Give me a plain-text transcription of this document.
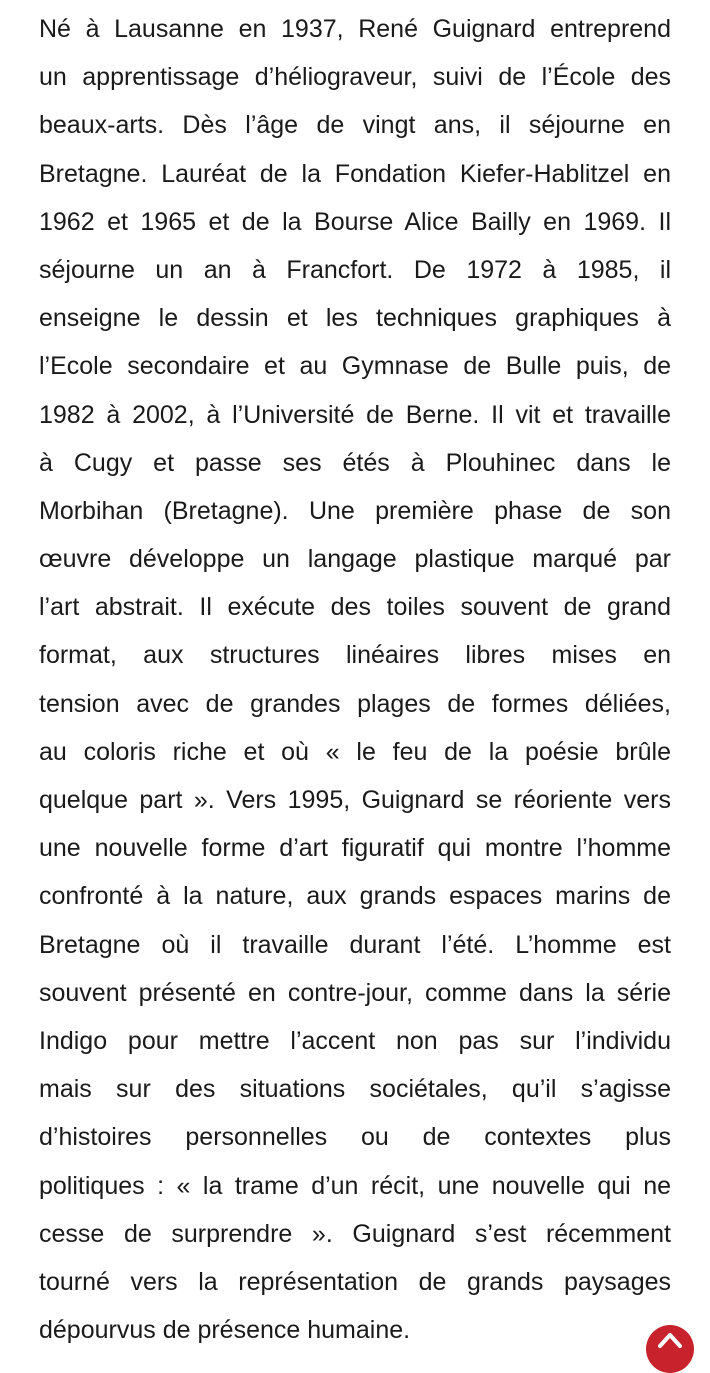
Né à Lausanne en 1937, René Guignard entreprend
un apprentissage d’héliograveur, suivi de l’École des
beaux-arts. Dès l’âge de vingt ans, il séjourne en
Bretagne. Lauréat de la Fondation Kiefer-Hablitzel en
1962 et 1965 et de la Bourse Alice Bailly en 1969. Il
séjourne un an à Francfort. De 1972 à 1985, il
enseigne le dessin et les techniques graphiques à
l’Ecole secondaire et au Gymnase de Bulle puis, de
1982 à 2002, à l’Université de Berne. Il vit et travaille
à Cugy et passe ses étés à Plouhinec dans le
Morbihan (Bretagne). Une première phase de son
œuvre développe un langage plastique marqué par
l’art abstrait. Il exécute des toiles souvent de grand
format, aux structures linéaires libres mises en
tension avec de grandes plages de formes déliées,
au coloris riche et où « le feu de la poésie brûle
quelque part ». Vers 1995, Guignard se réoriente vers
une nouvelle forme d’art figuratif qui montre l’homme
confronté à la nature, aux grands espaces marins de
Bretagne où il travaille durant l’été. L’homme est
souvent présenté en contre-jour, comme dans la série
Indigo pour mettre l’accent non pas sur l’individu
mais sur des situations sociétales, qu’il s’agisse
d’histoires personnelles ou de contextes plus
politiques : « la trame d’un récit, une nouvelle qui ne
cesse de surprendre ». Guignard s’est récemment
tourné vers la représentation de grands paysages
dépourvus de présence humaine.
